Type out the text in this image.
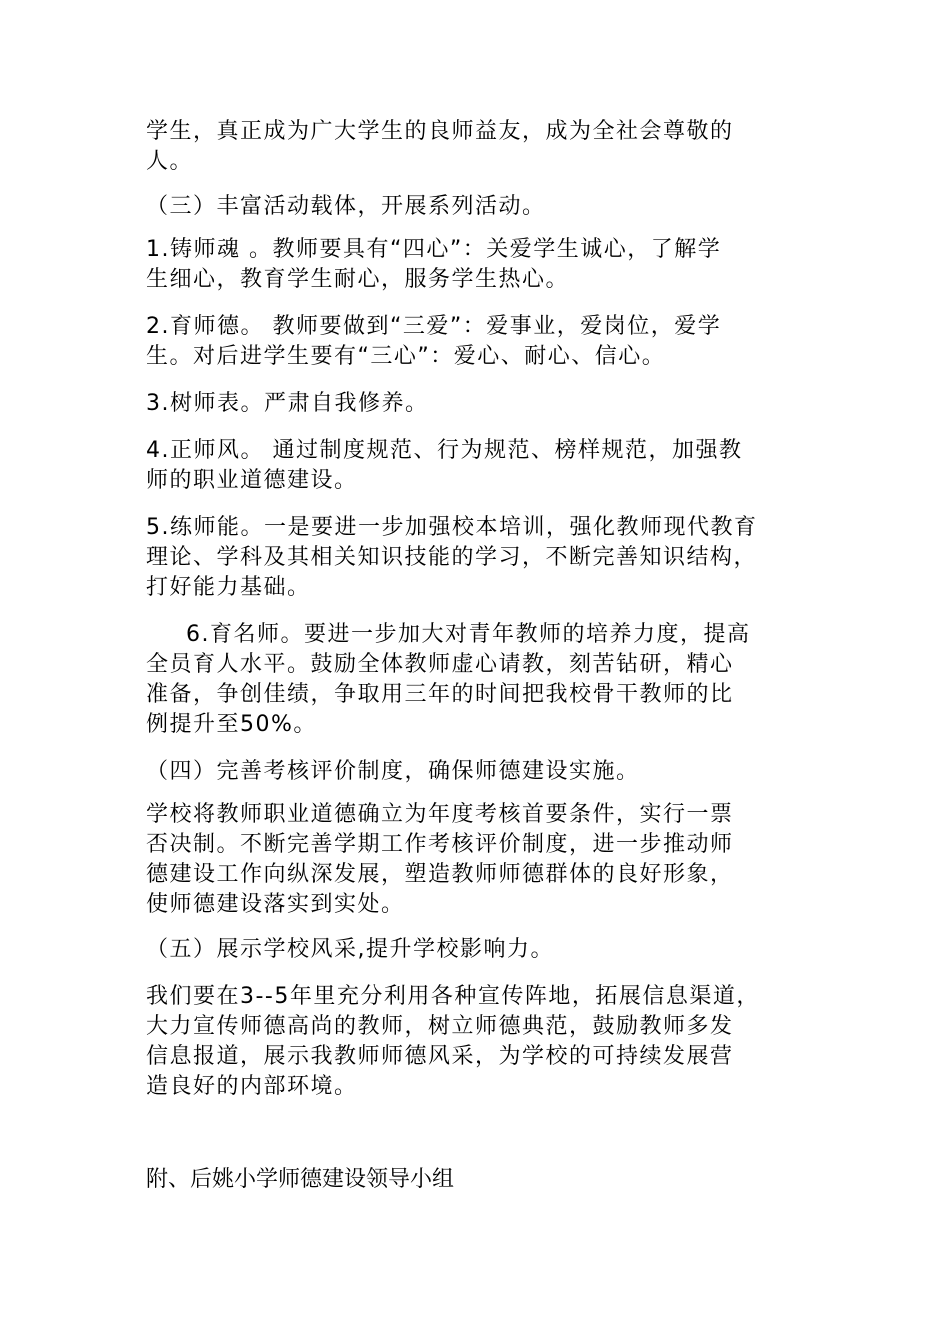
学生，真正成为广大学生的良师益友，成为全社会尊敬的
人。

（三）丰富活动载体，开展系列活动。

1.铸师魂 。教师要具有“四心”：关爱学生诚心，了解学
生细心，教育学生耐心，服务学生热心。

2.育师德。 教师要做到“三爱”：爱事业，爱岗位，爱学
生。对后进学生要有“三心”：爱心、耐心、信心。

3.树师表。严肃自我修养。

4.正师风。 通过制度规范、行为规范、榜样规范，加强教
师的职业道德建设。

5.练师能。一是要进一步加强校本培训，强化教师现代教育
理论、学科及其相关知识技能的学习，不断完善知识结构，
打好能力基础。

6.育名师。要进一步加大对青年教师的培养力度，提高
全员育人水平。鼓励全体教师虚心请教，刻苦钻研，精心
准备，争创佳绩，争取用三年的时间把我校骨干教师的比
例提升至50%。

（四）完善考核评价制度，确保师德建设实施。

学校将教师职业道德确立为年度考核首要条件，实行一票
否决制。不断完善学期工作考核评价制度，进一步推动师
德建设工作向纵深发展，塑造教师师德群体的良好形象，
使师德建设落实到实处。

（五）展示学校风采,提升学校影响力。

我们要在3--5年里充分利用各种宣传阵地，拓展信息渠道，
大力宣传师德高尚的教师，树立师德典范，鼓励教师多发
信息报道，展示我教师师德风采，为学校的可持续发展营
造良好的内部环境。

附、后姚小学师德建设领导小组
